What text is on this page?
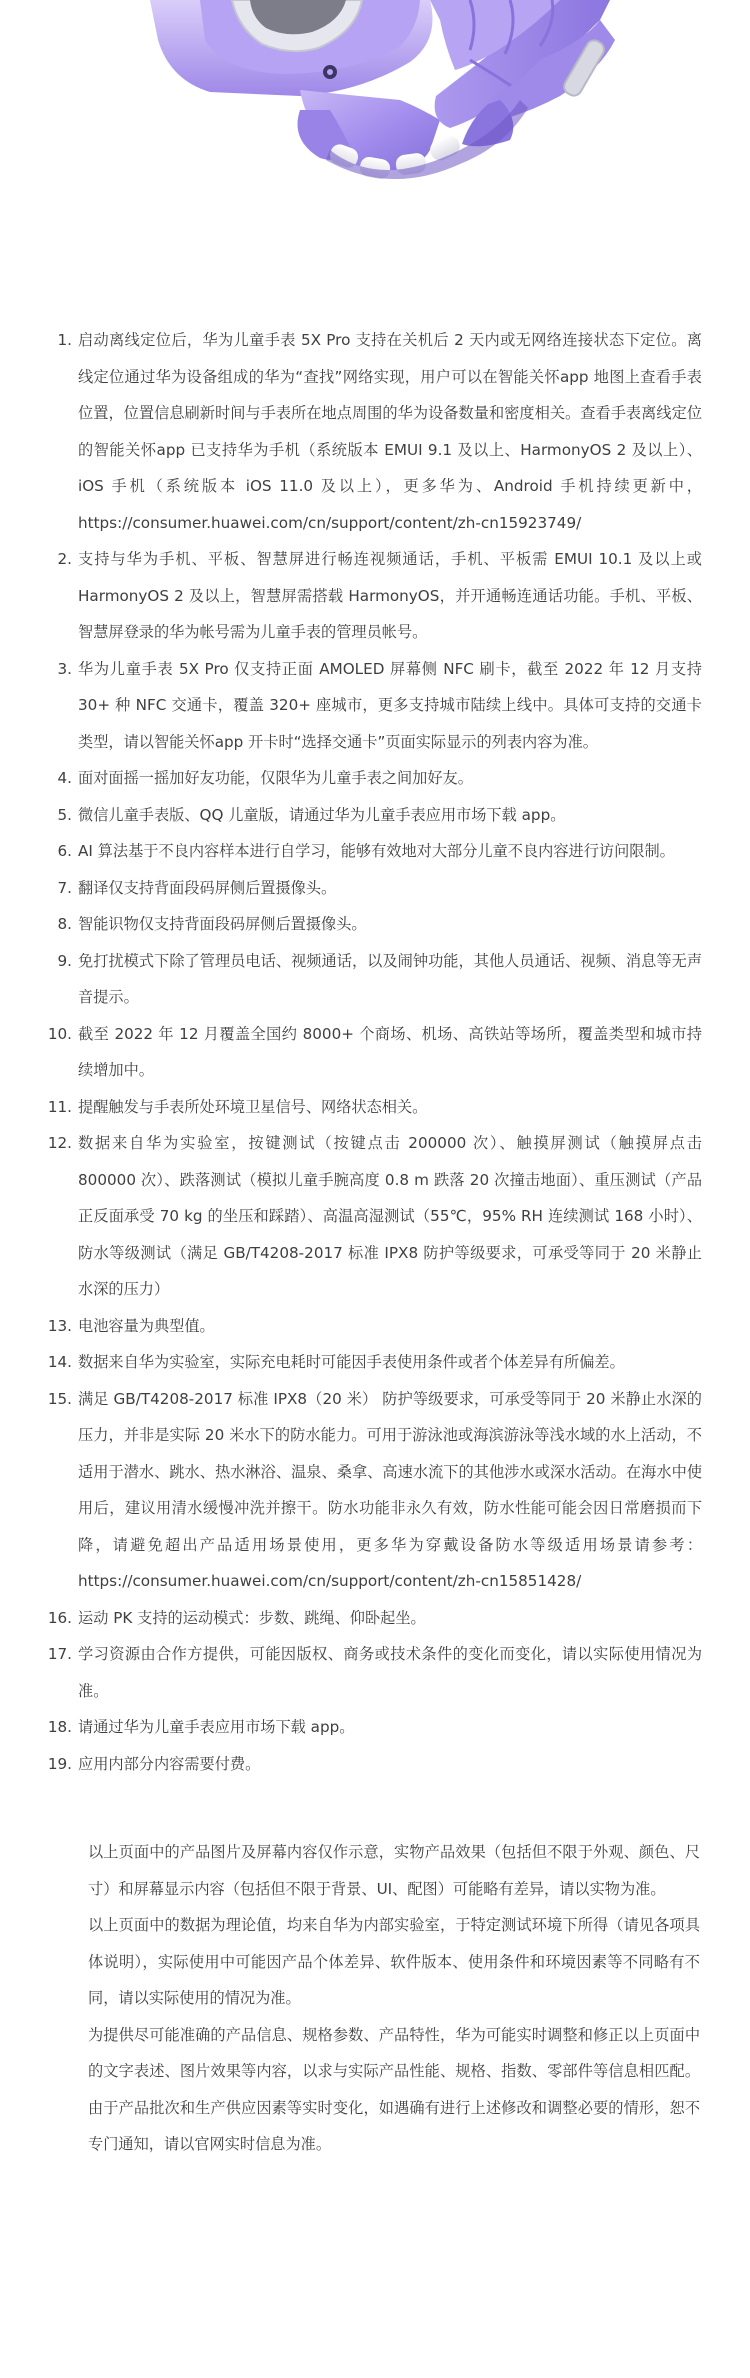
1. 启动离线定位后，华为儿童手表 5X Pro 支持在关机后 2 天内或无网络连接状态下定位。离线定位通过华为设备组成的华为“查找”网络实现，用户可以在智能关怀app 地图上查看手表位置，位置信息刷新时间与手表所在地点周围的华为设备数量和密度相关。查看手表离线定位的智能关怀app 已支持华为手机（系统版本 EMUI 9.1 及以上、HarmonyOS 2 及以上）、iOS 手机（系统版本 iOS 11.0 及以上），更多华为、Android 手机持续更新中，https://consumer.huawei.com/cn/support/content/zh-cn15923749/
2. 支持与华为手机、平板、智慧屏进行畅连视频通话，手机、平板需 EMUI 10.1 及以上或 HarmonyOS 2 及以上，智慧屏需搭载 HarmonyOS，并开通畅连通话功能。手机、平板、智慧屏登录的华为帐号需为儿童手表的管理员帐号。
3. 华为儿童手表 5X Pro 仅支持正面 AMOLED 屏幕侧 NFC 刷卡，截至 2022 年 12 月支持 30+ 种 NFC 交通卡，覆盖 320+ 座城市，更多支持城市陆续上线中。具体可支持的交通卡类型，请以智能关怀app 开卡时“选择交通卡”页面实际显示的列表内容为准。
4. 面对面摇一摇加好友功能，仅限华为儿童手表之间加好友。
5. 微信儿童手表版、QQ 儿童版，请通过华为儿童手表应用市场下载 app。
6. AI 算法基于不良内容样本进行自学习，能够有效地对大部分儿童不良内容进行访问限制。
7. 翻译仅支持背面段码屏侧后置摄像头。
8. 智能识物仅支持背面段码屏侧后置摄像头。
9. 免打扰模式下除了管理员电话、视频通话，以及闹钟功能，其他人员通话、视频、消息等无声音提示。
10. 截至 2022 年 12 月覆盖全国约 8000+ 个商场、机场、高铁站等场所，覆盖类型和城市持续增加中。
11. 提醒触发与手表所处环境卫星信号、网络状态相关。
12. 数据来自华为实验室，按键测试（按键点击 200000 次）、触摸屏测试（触摸屏点击 800000 次）、跌落测试（模拟儿童手腕高度 0.8 m 跌落 20 次撞击地面）、重压测试（产品正反面承受 70 kg 的坐压和踩踏）、高温高湿测试（55℃，95% RH 连续测试 168 小时）、防水等级测试（满足 GB/T4208-2017 标准 IPX8 防护等级要求，可承受等同于 20 米静止水深的压力）
13. 电池容量为典型值。
14. 数据来自华为实验室，实际充电耗时可能因手表使用条件或者个体差异有所偏差。
15. 满足 GB/T4208-2017 标准 IPX8（20 米） 防护等级要求，可承受等同于 20 米静止水深的压力，并非是实际 20 米水下的防水能力。可用于游泳池或海滨游泳等浅水域的水上活动，不适用于潜水、跳水、热水淋浴、温泉、桑拿、高速水流下的其他涉水或深水活动。在海水中使用后，建议用清水缓慢冲洗并擦干。防水功能非永久有效，防水性能可能会因日常磨损而下降，请避免超出产品适用场景使用，更多华为穿戴设备防水等级适用场景请参考：https://consumer.huawei.com/cn/support/content/zh-cn15851428/
16. 运动 PK 支持的运动模式：步数、跳绳、仰卧起坐。
17. 学习资源由合作方提供，可能因版权、商务或技术条件的变化而变化，请以实际使用情况为准。
18. 请通过华为儿童手表应用市场下载 app。
19. 应用内部分内容需要付费。

以上页面中的产品图片及屏幕内容仅作示意，实物产品效果（包括但不限于外观、颜色、尺寸）和屏幕显示内容（包括但不限于背景、UI、配图）可能略有差异，请以实物为准。

以上页面中的数据为理论值，均来自华为内部实验室，于特定测试环境下所得（请见各项具体说明），实际使用中可能因产品个体差异、软件版本、使用条件和环境因素等不同略有不同，请以实际使用的情况为准。

为提供尽可能准确的产品信息、规格参数、产品特性，华为可能实时调整和修正以上页面中的文字表述、图片效果等内容，以求与实际产品性能、规格、指数、零部件等信息相匹配。由于产品批次和生产供应因素等实时变化，如遇确有进行上述修改和调整必要的情形，恕不专门通知，请以官网实时信息为准。
